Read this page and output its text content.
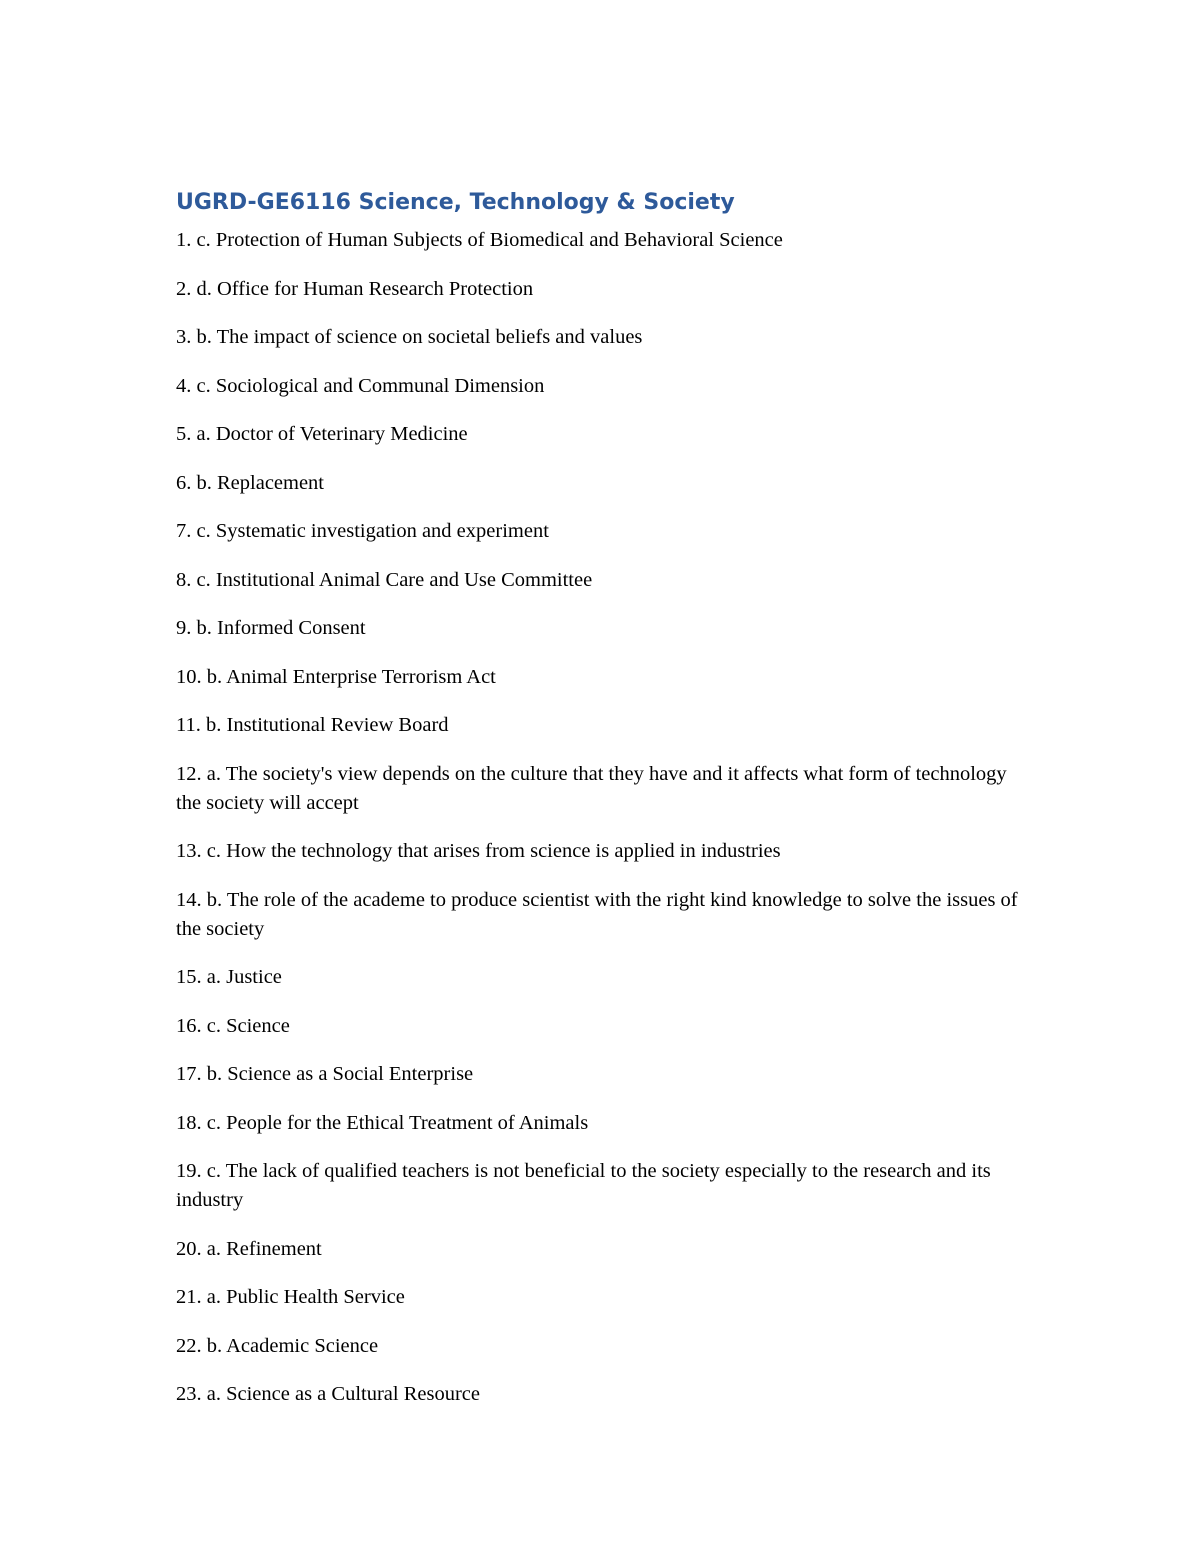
UGRD-GE6116 Science, Technology & Society
1. c. Protection of Human Subjects of Biomedical and Behavioral Science
2. d. Office for Human Research Protection
3. b. The impact of science on societal beliefs and values
4. c. Sociological and Communal Dimension
5. a. Doctor of Veterinary Medicine
6. b. Replacement
7. c. Systematic investigation and experiment
8. c. Institutional Animal Care and Use Committee
9. b. Informed Consent
10. b. Animal Enterprise Terrorism Act
11. b. Institutional Review Board
12. a. The society's view depends on the culture that they have and it affects what form of technology the society will accept
13. c. How the technology that arises from science is applied in industries
14. b. The role of the academe to produce scientist with the right kind knowledge to solve the issues of the society
15. a. Justice
16. c. Science
17. b. Science as a Social Enterprise
18. c. People for the Ethical Treatment of Animals
19. c. The lack of qualified teachers is not beneficial to the society especially to the research and its industry
20. a. Refinement
21. a. Public Health Service
22. b. Academic Science
23. a. Science as a Cultural Resource
